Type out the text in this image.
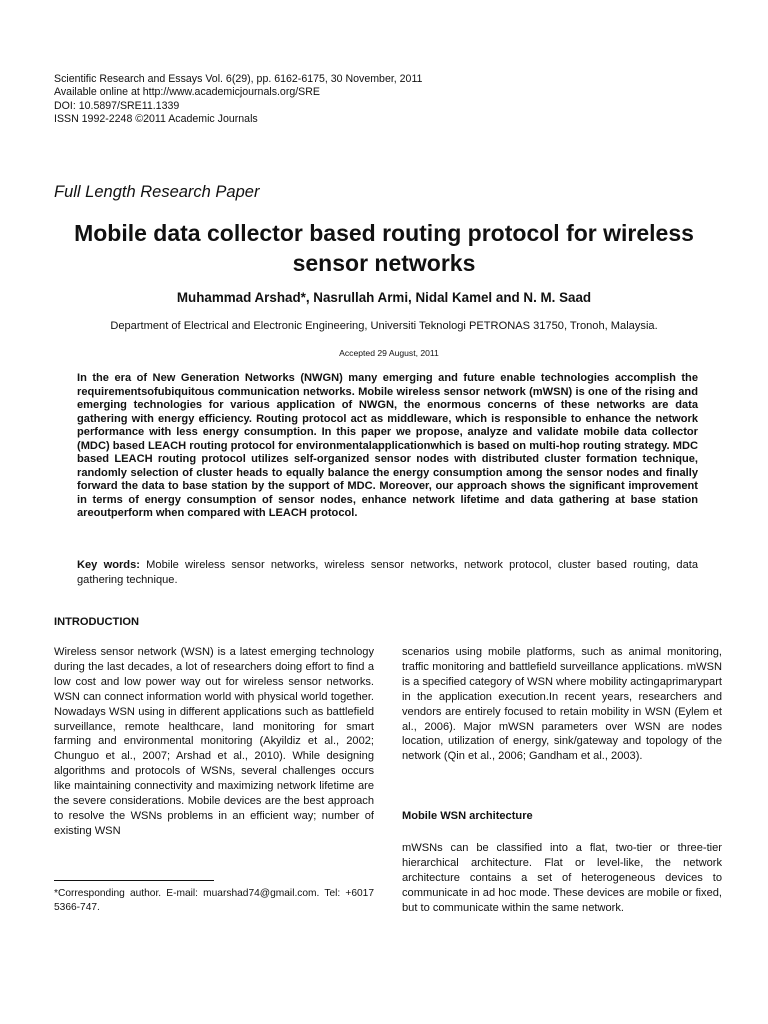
Scientific Research and Essays Vol. 6(29), pp. 6162-6175, 30 November, 2011
Available online at http://www.academicjournals.org/SRE
DOI: 10.5897/SRE11.1339
ISSN 1992-2248 ©2011 Academic Journals
Full Length Research Paper
Mobile data collector based routing protocol for wireless sensor networks
Muhammad Arshad*, Nasrullah Armi, Nidal Kamel and N. M. Saad
Department of Electrical and Electronic Engineering, Universiti Teknologi PETRONAS 31750, Tronoh, Malaysia.
Accepted 29 August, 2011
In the era of New Generation Networks (NWGN) many emerging and future enable technologies accomplish the requirementsofubiquitous communication networks. Mobile wireless sensor network (mWSN) is one of the rising and emerging technologies for various application of NWGN, the enormous concerns of these networks are data gathering with energy efficiency. Routing protocol act as middleware, which is responsible to enhance the network performance with less energy consumption. In this paper we propose, analyze and validate mobile data collector (MDC) based LEACH routing protocol for environmentalapplicationwhich is based on multi-hop routing strategy. MDC based LEACH routing protocol utilizes self-organized sensor nodes with distributed cluster formation technique, randomly selection of cluster heads to equally balance the energy consumption among the sensor nodes and finally forward the data to base station by the support of MDC. Moreover, our approach shows the significant improvement in terms of energy consumption of sensor nodes, enhance network lifetime and data gathering at base station areoutperform when compared with LEACH protocol.
Key words: Mobile wireless sensor networks, wireless sensor networks, network protocol, cluster based routing, data gathering technique.
INTRODUCTION
Wireless sensor network (WSN) is a latest emerging technology during the last decades, a lot of researchers doing effort to find a low cost and low power way out for wireless sensor networks. WSN can connect information world with physical world together. Nowadays WSN using in different applications such as battlefield surveillance, remote healthcare, land monitoring for smart farming and environmental monitoring (Akyildiz et al., 2002; Chunguo et al., 2007; Arshad et al., 2010). While designing algorithms and protocols of WSNs, several challenges occurs like maintaining connectivity and maximizing network lifetime are the severe considerations. Mobile devices are the best approach to resolve the WSNs problems in an efficient way; number of existing WSN
scenarios using mobile platforms, such as animal monitoring, traffic monitoring and battlefield surveillance applications. mWSN is a specified category of WSN where mobility actingaprimarypart in the application execution.In recent years, researchers and vendors are entirely focused to retain mobility in WSN (Eylem et al., 2006). Major mWSN parameters over WSN are nodes location, utilization of energy, sink/gateway and topology of the network (Qin et al., 2006; Gandham et al., 2003).
Mobile WSN architecture
mWSNs can be classified into a flat, two-tier or three-tier hierarchical architecture. Flat or level-like, the network architecture contains a set of heterogeneous devices to communicate in ad hoc mode. These devices are mobile or fixed, but to communicate within the same network.
*Corresponding author. E-mail: muarshad74@gmail.com. Tel: +6017 5366-747.
